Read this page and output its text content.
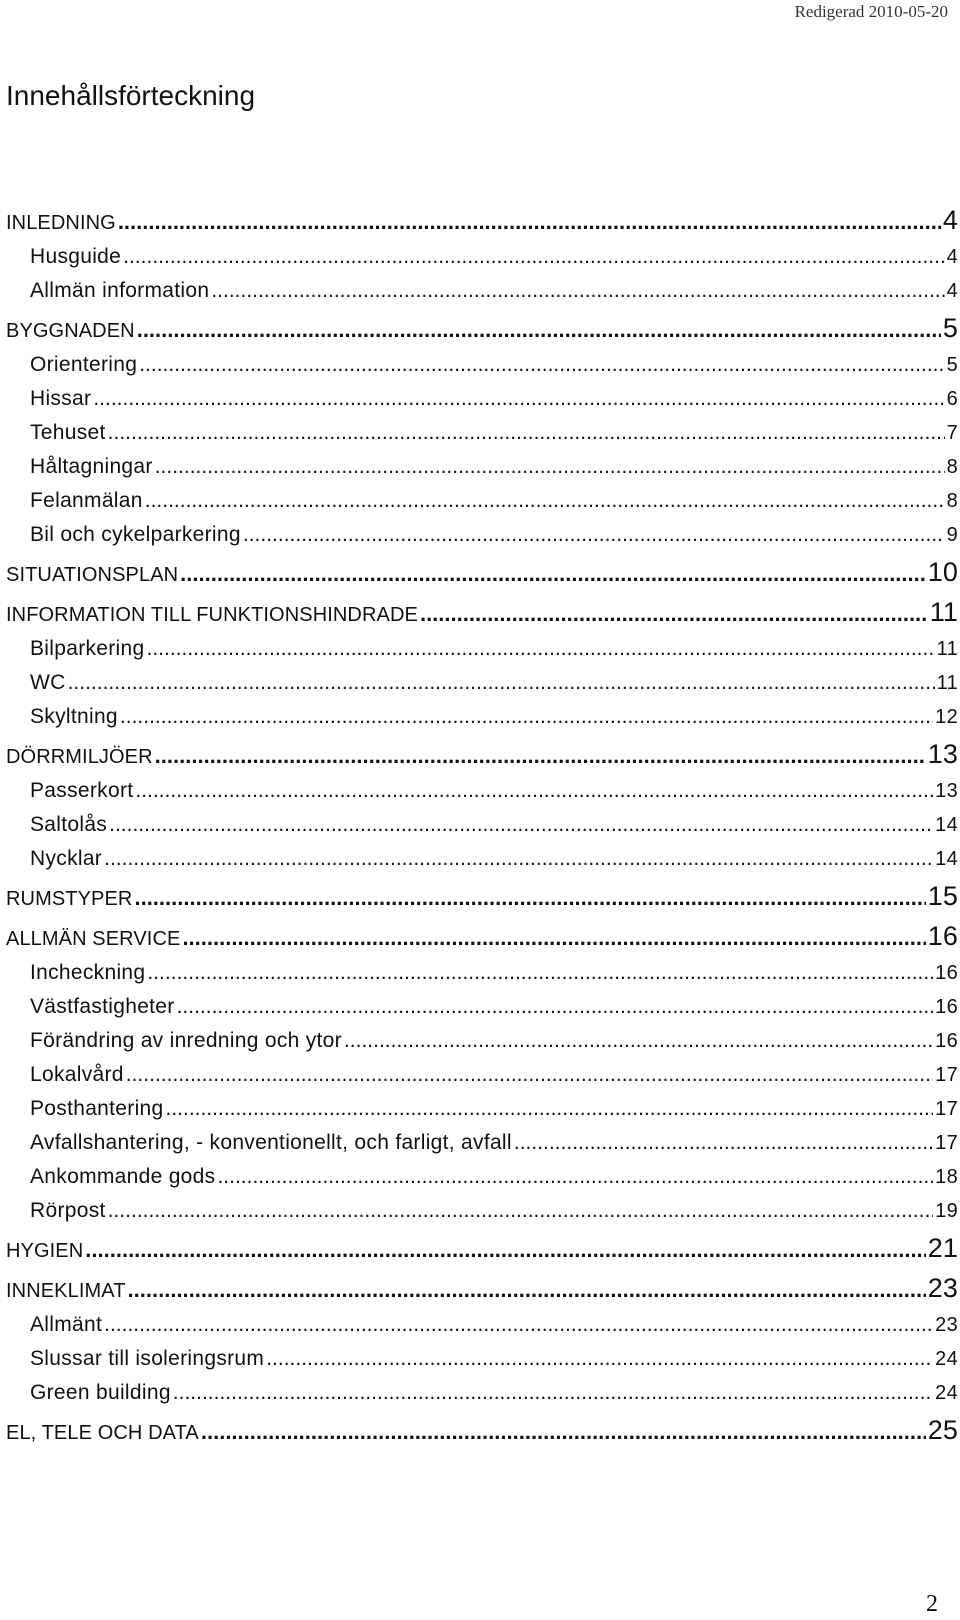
Redigerad 2010-05-20
Innehållsförteckning
INLEDNING .....	4
Husguide .....	4
Allmän information .....	4
BYGGNADEN .....	5
Orientering .....	5
Hissar .....	6
Tehuset .....	7
Håltagningar .....	8
Felanmälan .....	8
Bil och cykelparkering .....	9
SITUATIONSPLAN .....	10
INFORMATION TILL FUNKTIONSHINDRADE .....	11
Bilparkering .....	11
WC .....	11
Skyltning .....	12
DÖRRMILJÖER .....	13
Passerkort .....	13
Saltolås .....	14
Nycklar .....	14
RUMSTYPER .....	15
ALLMÄN SERVICE .....	16
Incheckning .....	16
Västfastigheter .....	16
Förändring av inredning och ytor .....	16
Lokalvård .....	17
Posthantering .....	17
Avfallshantering, - konventionellt, och farligt, avfall .....	17
Ankommande gods .....	18
Rörpost .....	19
HYGIEN .....	21
INNEKLIMAT .....	23
Allmänt .....	23
Slussar till isoleringsrum .....	24
Green building .....	24
EL, TELE OCH DATA .....	25
2
